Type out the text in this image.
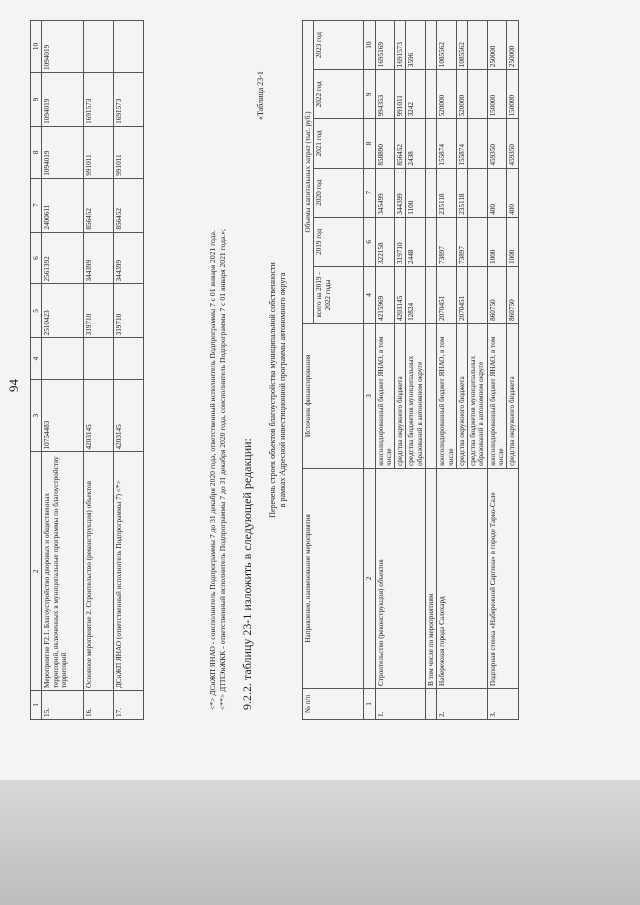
94
1	2	3	4	5	6	7	8	9	10
15.	Мероприятие F2.1. Благоустройство дворовых и общественных территорий, включенных в муниципальные программы по благоустройству территорий	10754483		2510423	2561392	2400611	1094019	1094019	1094019
16.	Основное мероприятие 2. Строительство (реконструкция) объектов	4203145		319710	344399	856452	991011	1691573	
17.	ДСиЖП ЯНАО (ответственный исполнитель Подпрограммы 7) <*>	4203145		319710	344399	856452	991011	1691573	
<*> ДСиЖП ЯНАО - соисполнитель Подпрограммы 7 до 31 декабря 2020 года, ответственный исполнитель Подпрограммы 7 с 01 января 2021 года. <**> ДТПЭиЖКК - ответственный исполнитель Подпрограммы 7 до 31 декабря 2020 года, соисполнитель Подпрограммы 7 с 01 января 2021 года.»; 9.2.2. таблицу 23-1 изложить в следующей редакции:
«Таблица 23-1
Перечень строек объектов благоустройства муниципальной собственности в рамках Адресной инвестиционной программы автономного округа
№ п/п	Направление, наименование мероприятия	Источник финансирования	Объемы капитальных затрат (тыс. руб.)					
			всего на 2019 - 2022 годы	2019 год	2020 год	2021 год	2022 год	2023 год
1	2	3	4	6	7	8	9	10
1.	Строительство (реконструкция) объектов	консолидированный бюджет ЯНАО, в том числе	4215969	322158	345499	858890	994353	1695169
		средства окружного бюджета	4203145	319710	344399	856452	991011	1691573
		средства бюджетов муниципальных образований в автономном округе	12824	2448	1100	2438	3242	3596
	В том числе по мероприятиям							
2.	Набережная города Салехард	консолидированный бюджет ЯНАО, в том числе	2070451	73897	235118	155874	520000	1085562
		средства окружного бюджета	2070451	73897	235118	155874	520000	1085562
		средства бюджетов муниципальных образований в автономном округе						
3.	Подпорная стенка «Набережной Саргина» в городе Тарко-Сале	консолидированный бюджет ЯНАО, в том числе	860750	1000	400	459350	150000	250000
		средства окружного бюджета	860750	1000	400	459350	150000	250000
